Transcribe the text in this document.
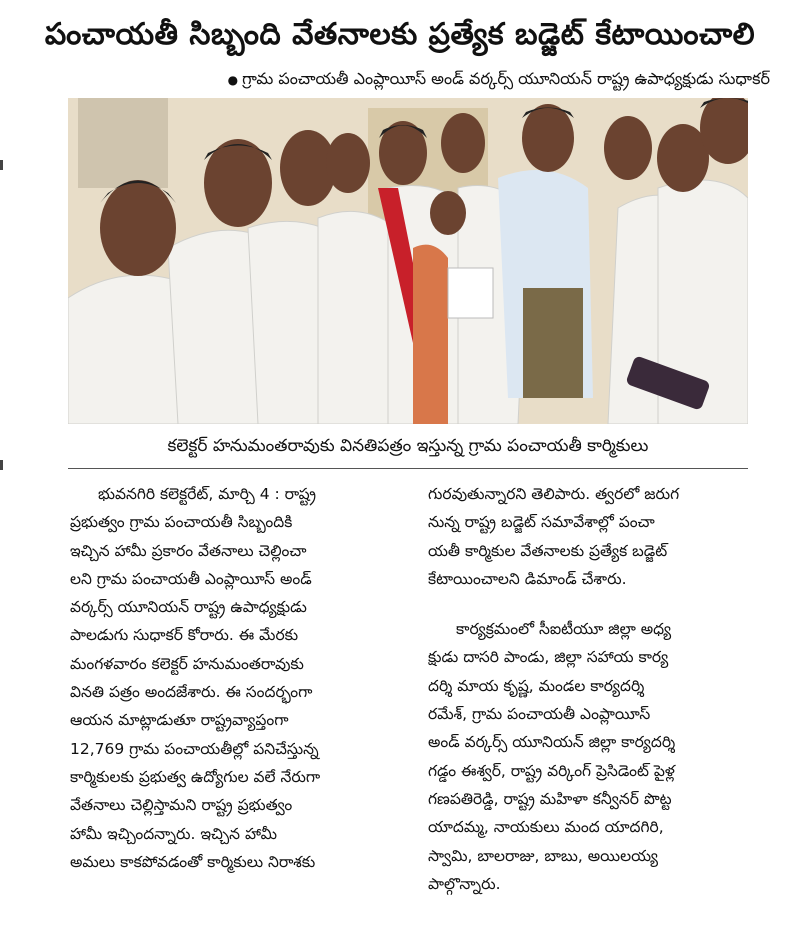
పంచాయతీ సిబ్బంది వేతనాలకు ప్రత్యేక బడ్జెట్ కేటాయించాలి
● గ్రామ పంచాయతీ ఎంప్లాయీస్ అండ్ వర్కర్స్ యూనియన్ రాష్ట్ర ఉపాధ్యక్షుడు సుధాకర్
కలెక్టర్ హనుమంతరావుకు వినతిపత్రం ఇస్తున్న గ్రామ పంచాయతీ కార్మికులు

భువనగిరి కలెక్టరేట్, మార్చి 4 : రాష్ట్ర

ప్రభుత్వం గ్రామ పంచాయతీ సిబ్బందికి

ఇచ్చిన హామీ ప్రకారం వేతనాలు చెల్లించా

లని గ్రామ పంచాయతీ ఎంప్లాయీస్ అండ్

వర్కర్స్ యూనియన్ రాష్ట్ర ఉపాధ్యక్షుడు

పాలడుగు సుధాకర్ కోరారు. ఈ మేరకు

మంగళవారం కలెక్టర్ హనుమంతరావుకు

వినతి పత్రం అందజేశారు. ఈ సందర్భంగా

ఆయన మాట్లాడుతూ రాష్ట్రవ్యాప్తంగా

12,769 గ్రామ పంచాయతీల్లో పనిచేస్తున్న

కార్మికులకు ప్రభుత్వ ఉద్యోగుల వలే నేరుగా

వేతనాలు చెల్లిస్తామని రాష్ట్ర ప్రభుత్వం

హామీ ఇచ్చిందన్నారు. ఇచ్చిన హామీ

అమలు కాకపోవడంతో కార్మికులు నిరాశకు

గురవుతున్నారని తెలిపారు. త్వరలో జరుగ

నున్న రాష్ట్ర బడ్జెట్ సమావేశాల్లో పంచా

యతీ కార్మికుల వేతనాలకు ప్రత్యేక బడ్జెట్

కేటాయించాలని డిమాండ్ చేశారు.

కార్యక్రమంలో సీఐటీయూ జిల్లా అధ్య

క్షుడు దాసరి పాండు, జిల్లా సహాయ కార్య

దర్శి మాయ కృష్ణ, మండల కార్యదర్శి

రమేశ్, గ్రామ పంచాయతీ ఎంప్లాయీస్

అండ్ వర్కర్స్ యూనియన్ జిల్లా కార్యదర్శి

గడ్డం ఈశ్వర్, రాష్ట్ర వర్కింగ్ ప్రెసిడెంట్ పైళ్ల

గణపతిరెడ్డి, రాష్ట్ర మహిళా కన్వీనర్ పొట్ట

యాదమ్మ, నాయకులు మంద యాదగిరి,

స్వామి, బాలరాజు, బాబు, అయిలయ్య

పాల్గొన్నారు.
